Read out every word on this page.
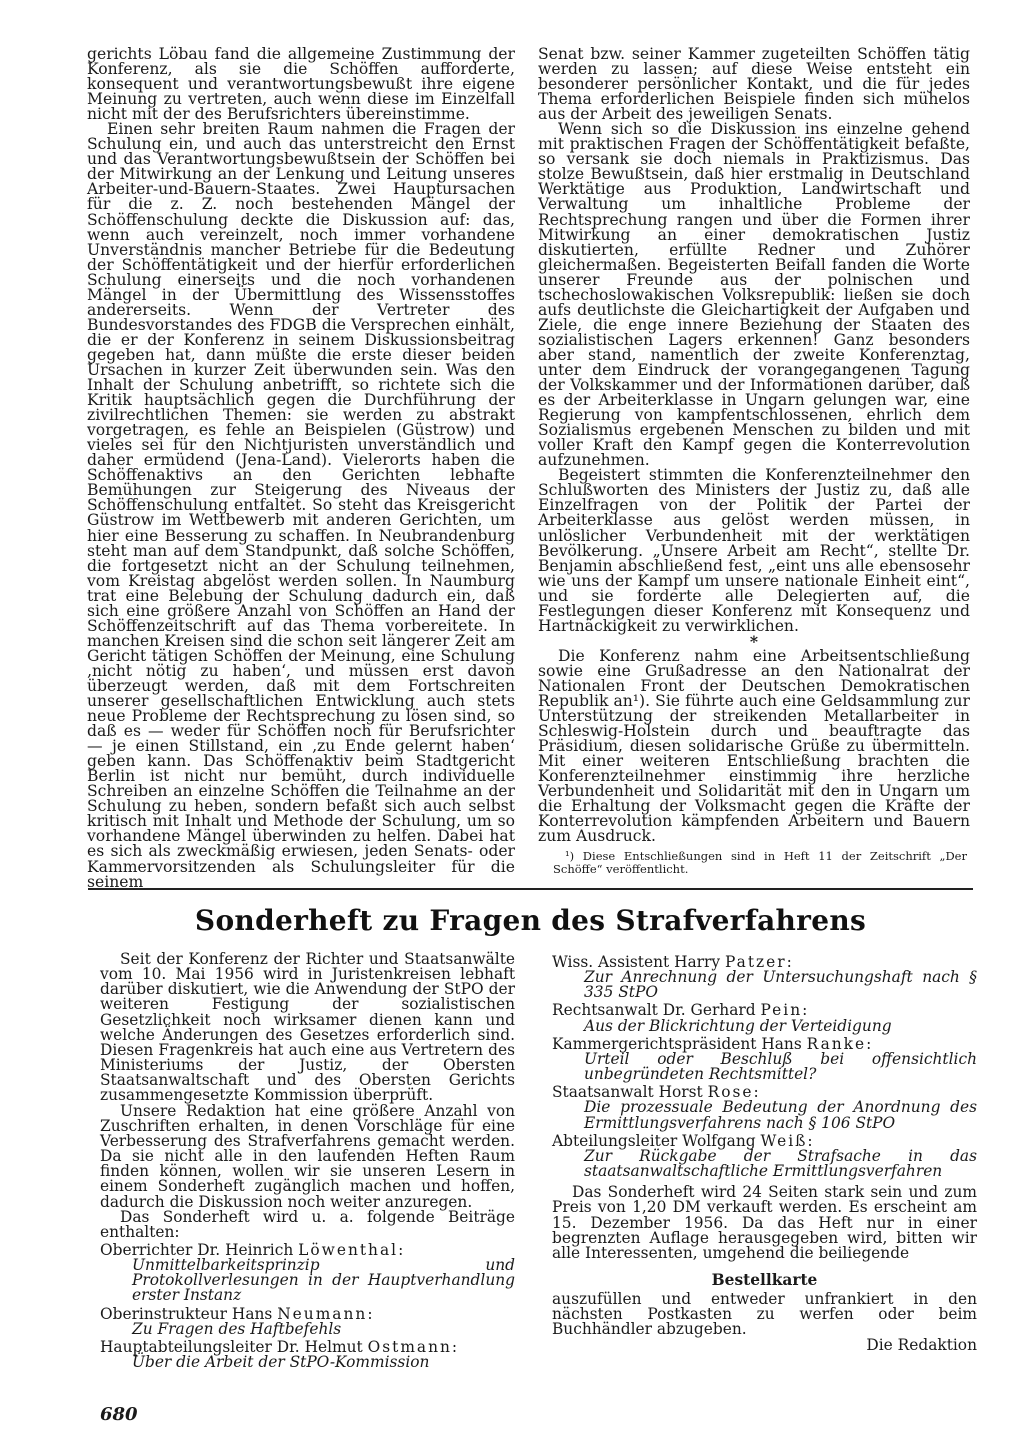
gerichts Löbau fand die allgemeine Zustimmung der Konferenz, als sie die Schöffen aufforderte, konsequent und verantwortungsbewußt ihre eigene Meinung zu vertreten, auch wenn diese im Einzelfall nicht mit der des Berufsrichters übereinstimme.

Einen sehr breiten Raum nahmen die Fragen der Schulung ein, und auch das unterstreicht den Ernst und das Verantwortungsbewußtsein der Schöffen bei der Mitwirkung an der Lenkung und Leitung unseres Arbeiter-und-Bauern-Staates. Zwei Hauptursachen für die z. Z. noch bestehenden Mängel der Schöffenschulung deckte die Diskussion auf: das, wenn auch vereinzelt, noch immer vorhandene Unverständnis mancher Betriebe für die Bedeutung der Schöffentätigkeit und der hierfür erforderlichen Schulung einerseits und die noch vorhandenen Mängel in der Übermittlung des Wissensstoffes andererseits. Wenn der Vertreter des Bundesvorstandes des FDGB die Versprechen einhält, die er der Konferenz in seinem Diskussionsbeitrag gegeben hat, dann müßte die erste dieser beiden Ursachen in kurzer Zeit überwunden sein. Was den Inhalt der Schulung anbetrifft, so richtete sich die Kritik hauptsächlich gegen die Durchführung der zivilrechtlichen Themen: sie werden zu abstrakt vorgetragen, es fehle an Beispielen (Güstrow) und vieles sei für den Nichtjuristen unverständlich und daher ermüdend (Jena-Land). Vielerorts haben die Schöffenaktivs an den Gerichten lebhafte Bemühungen zur Steigerung des Niveaus der Schöffenschulung entfaltet. So steht das Kreisgericht Güstrow im Wettbewerb mit anderen Gerichten, um hier eine Besserung zu schaffen. In Neubrandenburg steht man auf dem Standpunkt, daß solche Schöffen, die fortgesetzt nicht an der Schulung teilnehmen, vom Kreistag abgelöst werden sollen. In Naumburg trat eine Belebung der Schulung dadurch ein, daß sich eine größere Anzahl von Schöffen an Hand der Schöffenzeitschrift auf das Thema vorbereitete. In manchen Kreisen sind die schon seit längerer Zeit am Gericht tätigen Schöffen der Meinung, eine Schulung ‚nicht nötig zu haben‘, und müssen erst davon überzeugt werden, daß mit dem Fortschreiten unserer gesellschaftlichen Entwicklung auch stets neue Probleme der Rechtsprechung zu lösen sind, so daß es — weder für Schöffen noch für Berufsrichter — je einen Stillstand, ein ‚zu Ende gelernt haben‘ geben kann. Das Schöffenaktiv beim Stadtgericht Berlin ist nicht nur bemüht, durch individuelle Schreiben an einzelne Schöffen die Teilnahme an der Schulung zu heben, sondern befaßt sich auch selbst kritisch mit Inhalt und Methode der Schulung, um so vorhandene Mängel überwinden zu helfen. Dabei hat es sich als zweckmäßig erwiesen, jeden Senats- oder Kammervorsitzenden als Schulungsleiter für die seinem

Senat bzw. seiner Kammer zugeteilten Schöffen tätig werden zu lassen; auf diese Weise entsteht ein besonderer persönlicher Kontakt, und die für jedes Thema erforderlichen Beispiele finden sich mühelos aus der Arbeit des jeweiligen Senats.

Wenn sich so die Diskussion ins einzelne gehend mit praktischen Fragen der Schöffentätigkeit befaßte, so versank sie doch niemals in Praktizismus. Das stolze Bewußtsein, daß hier erstmalig in Deutschland Werktätige aus Produktion, Landwirtschaft und Verwaltung um inhaltliche Probleme der Rechtsprechung rangen und über die Formen ihrer Mitwirkung an einer demokratischen Justiz diskutierten, erfüllte Redner und Zuhörer gleichermaßen. Begeisterten Beifall fanden die Worte unserer Freunde aus der polnischen und tschechoslowakischen Volksrepublik: ließen sie doch aufs deutlichste die Gleichartigkeit der Aufgaben und Ziele, die enge innere Beziehung der Staaten des sozialistischen Lagers erkennen! Ganz besonders aber stand, namentlich der zweite Konferenztag, unter dem Eindruck der vorangegangenen Tagung der Volkskammer und der Informationen darüber, daß es der Arbeiterklasse in Ungarn gelungen war, eine Regierung von kampfentschlossenen, ehrlich dem Sozialismus ergebenen Menschen zu bilden und mit voller Kraft den Kampf gegen die Konterrevolution aufzunehmen.

Begeistert stimmten die Konferenzteilnehmer den Schlußworten des Ministers der Justiz zu, daß alle Einzelfragen von der Politik der Partei der Arbeiterklasse aus gelöst werden müssen, in unlöslicher Verbundenheit mit der werktätigen Bevölkerung. „Unsere Arbeit am Recht“, stellte Dr. Benjamin abschließend fest, „eint uns alle ebensosehr wie uns der Kampf um unsere nationale Einheit eint“, und sie forderte alle Delegierten auf, die Festlegungen dieser Konferenz mit Konsequenz und Hartnäckigkeit zu verwirklichen.

*

Die Konferenz nahm eine Arbeitsentschließung sowie eine Grußadresse an den Nationalrat der Nationalen Front der Deutschen Demokratischen Republik an¹). Sie führte auch eine Geldsammlung zur Unterstützung der streikenden Metallarbeiter in Schleswig-Holstein durch und beauftragte das Präsidium, diesen solidarische Grüße zu übermitteln. Mit einer weiteren Entschließung brachten die Konferenzteilnehmer einstimmig ihre herzliche Verbundenheit und Solidarität mit den in Ungarn um die Erhaltung der Volksmacht gegen die Kräfte der Konterrevolution kämpfenden Arbeitern und Bauern zum Ausdruck.

¹) Diese Entschließungen sind in Heft 11 der Zeitschrift „Der Schöffe“ veröffentlicht.
Sonderheft zu Fragen des Strafverfahrens

Seit der Konferenz der Richter und Staatsanwälte vom 10. Mai 1956 wird in Juristenkreisen lebhaft darüber diskutiert, wie die Anwendung der StPO der weiteren Festigung der sozialistischen Gesetzlichkeit noch wirksamer dienen kann und welche Änderungen des Gesetzes erforderlich sind. Diesen Fragenkreis hat auch eine aus Vertretern des Ministeriums der Justiz, der Obersten Staatsanwaltschaft und des Obersten Gerichts zusammengesetzte Kommission überprüft.

Unsere Redaktion hat eine größere Anzahl von Zuschriften erhalten, in denen Vorschläge für eine Verbesserung des Strafverfahrens gemacht werden. Da sie nicht alle in den laufenden Heften Raum finden können, wollen wir sie unseren Lesern in einem Sonderheft zugänglich machen und hoffen, dadurch die Diskussion noch weiter anzuregen.

Das Sonderheft wird u. a. folgende Beiträge enthalten:

Oberrichter Dr. Heinrich Löwenthal:

Unmittelbarkeitsprinzip und Protokollverlesungen in der Hauptverhandlung erster Instanz

Oberinstrukteur Hans Neumann:

Zu Fragen des Haftbefehls

Hauptabteilungsleiter Dr. Helmut Ostmann:

Über die Arbeit der StPO-Kommission

Wiss. Assistent Harry Patzer:

Zur Anrechnung der Untersuchungshaft nach § 335 StPO

Rechtsanwalt Dr. Gerhard Pein:

Aus der Blickrichtung der Verteidigung

Kammergerichtspräsident Hans Ranke:

Urteil oder Beschluß bei offensichtlich unbegründeten Rechtsmittel?

Staatsanwalt Horst Rose:

Die prozessuale Bedeutung der Anordnung des Ermittlungsverfahrens nach § 106 StPO

Abteilungsleiter Wolfgang Weiß:

Zur Rückgabe der Strafsache in das staatsanwaltschaftliche Ermittlungsverfahren

Das Sonderheft wird 24 Seiten stark sein und zum Preis von 1,20 DM verkauft werden. Es erscheint am 15. Dezember 1956. Da das Heft nur in einer begrenzten Auflage herausgegeben wird, bitten wir alle Interessenten, umgehend die beiliegende

Bestellkarte

auszufüllen und entweder unfrankiert in den nächsten Postkasten zu werfen oder beim Buchhändler abzugeben.

Die Redaktion

680
